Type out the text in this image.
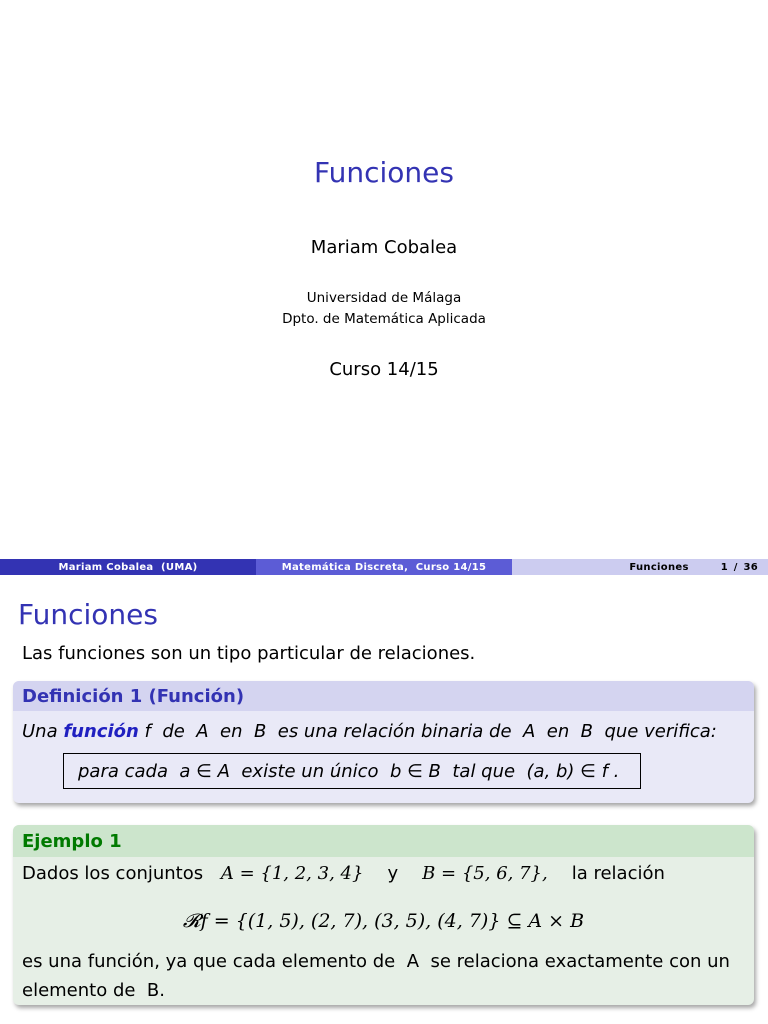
Funciones
Mariam Cobalea
Universidad de Málaga
Dpto. de Matemática Aplicada
Curso 14/15
Mariam Cobalea  (UMA)	Matemática Discreta,  Curso 14/15	Funciones	1 / 36
Funciones
Las funciones son un tipo particular de relaciones.
Definición 1 (Función)
Una función f  de  A  en  B  es una relación binaria de  A  en  B  que verifica:
para cada  a ∈ A  existe un único  b ∈ B  tal que  (a, b) ∈ f .
Ejemplo 1
Dados los conjuntos A = {1, 2, 3, 4} y B = {5, 6, 7}, la relación
𝓡f = {(1, 5), (2, 7), (3, 5), (4, 7)} ⊆ A × B
es una función, ya que cada elemento de  A  se relaciona exactamente con un elemento de  B.
